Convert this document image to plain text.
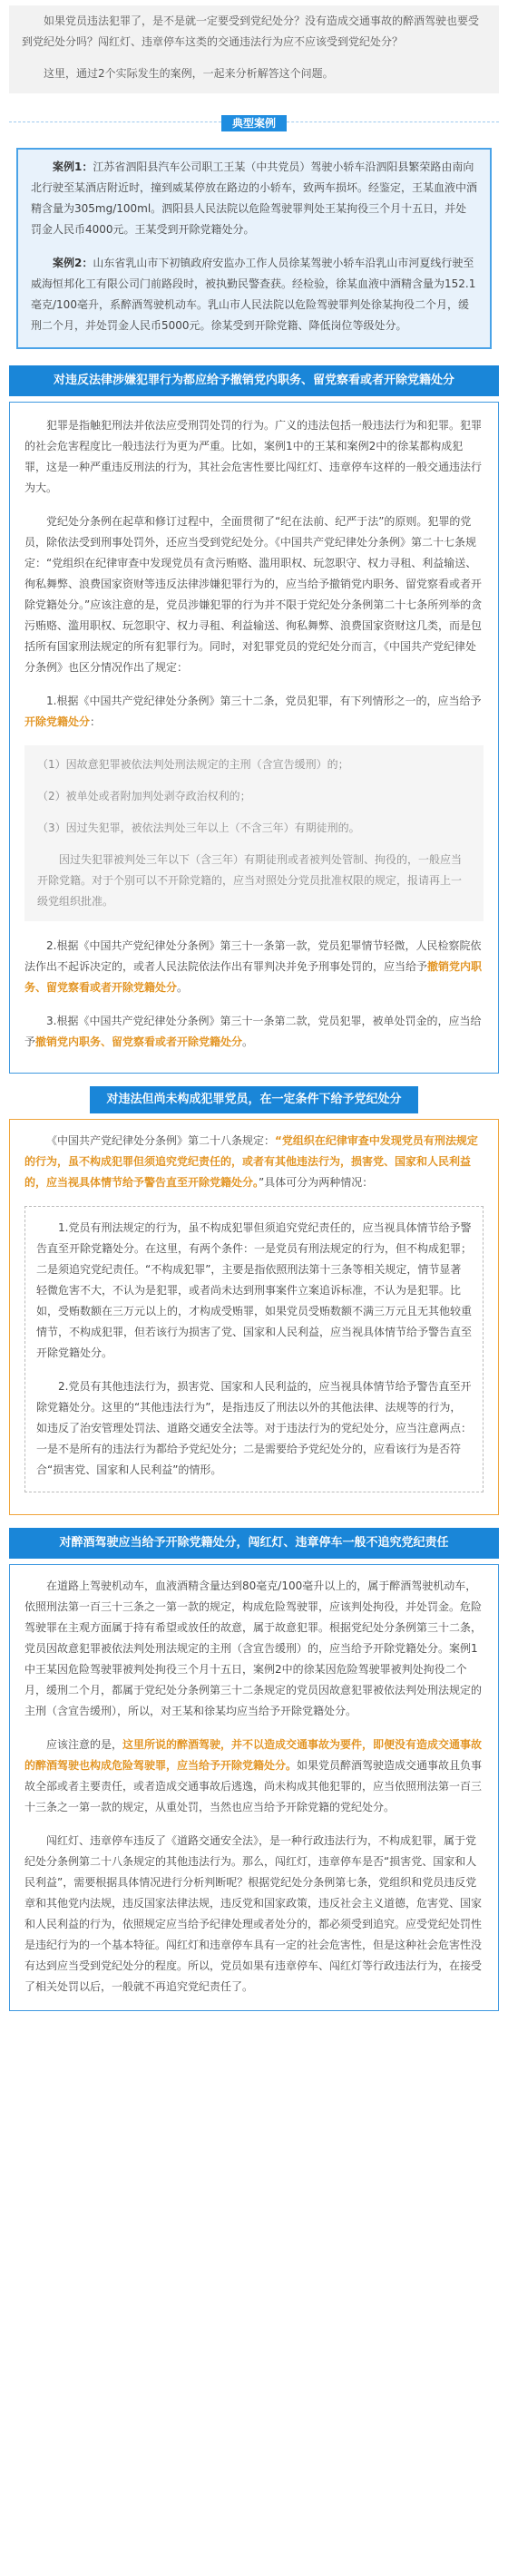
如果党员违法犯罪了，是不是就一定要受到党纪处分？没有造成交通事故的醉酒驾驶也要受到党纪处分吗？闯红灯、违章停车这类的交通违法行为应不应该受到党纪处分？

这里，通过2个实际发生的案例，一起来分析解答这个问题。

典型案例

案例1：江苏省泗阳县汽车公司职工王某（中共党员）驾驶小轿车沿泗阳县繁荣路由南向北行驶至某酒店附近时，撞到威某停放在路边的小轿车，致两车损坏。经鉴定，王某血液中酒精含量为305mg/100ml。泗阳县人民法院以危险驾驶罪判处王某拘役三个月十五日，并处罚金人民币4000元。王某受到开除党籍处分。

案例2：山东省乳山市下初镇政府安监办工作人员徐某驾驶小轿车沿乳山市河夏线行驶至威海恒邦化工有限公司门前路段时，被执勤民警查获。经检验，徐某血液中酒精含量为152.1毫克/100毫升，系醉酒驾驶机动车。乳山市人民法院以危险驾驶罪判处徐某拘役二个月，缓刑二个月，并处罚金人民币5000元。徐某受到开除党籍、降低岗位等级处分。

对违反法律涉嫌犯罪行为都应给予撤销党内职务、留党察看或者开除党籍处分

犯罪是指触犯刑法并依法应受刑罚处罚的行为。广义的违法包括一般违法行为和犯罪。犯罪的社会危害程度比一般违法行为更为严重。比如，案例1中的王某和案例2中的徐某都构成犯罪，这是一种严重违反刑法的行为，其社会危害性要比闯红灯、违章停车这样的一般交通违法行为大。

党纪处分条例在起草和修订过程中，全面贯彻了“纪在法前、纪严于法”的原则。犯罪的党员，除依法受到刑事处罚外，还应当受到党纪处分。《中国共产党纪律处分条例》第二十七条规定：“党组织在纪律审查中发现党员有贪污贿赂、滥用职权、玩忽职守、权力寻租、利益输送、徇私舞弊、浪费国家资财等违反法律涉嫌犯罪行为的，应当给予撤销党内职务、留党察看或者开除党籍处分。”应该注意的是，党员涉嫌犯罪的行为并不限于党纪处分条例第二十七条所列举的贪污贿赂、滥用职权、玩忽职守、权力寻租、利益输送、徇私舞弊、浪费国家资财这几类，而是包括所有国家刑法规定的所有犯罪行为。同时，对犯罪党员的党纪处分而言，《中国共产党纪律处分条例》也区分情况作出了规定：

1.根据《中国共产党纪律处分条例》第三十二条，党员犯罪，有下列情形之一的，应当给予开除党籍处分：

（1）因故意犯罪被依法判处刑法规定的主刑（含宣告缓刑）的；

（2）被单处或者附加判处剥夺政治权利的；

（3）因过失犯罪，被依法判处三年以上（不含三年）有期徒刑的。

因过失犯罪被判处三年以下（含三年）有期徒刑或者被判处管制、拘役的，一般应当开除党籍。对于个别可以不开除党籍的，应当对照处分党员批准权限的规定，报请再上一级党组织批准。

2.根据《中国共产党纪律处分条例》第三十一条第一款，党员犯罪情节轻微，人民检察院依法作出不起诉决定的，或者人民法院依法作出有罪判决并免予刑事处罚的，应当给予撤销党内职务、留党察看或者开除党籍处分。

3.根据《中国共产党纪律处分条例》第三十一条第二款，党员犯罪，被单处罚金的，应当给予撤销党内职务、留党察看或者开除党籍处分。

对违法但尚未构成犯罪党员，在一定条件下给予党纪处分

《中国共产党纪律处分条例》第二十八条规定：“党组织在纪律审查中发现党员有刑法规定的行为，虽不构成犯罪但须追究党纪责任的，或者有其他违法行为，损害党、国家和人民利益的，应当视具体情节给予警告直至开除党籍处分。”具体可分为两种情况：

1.党员有刑法规定的行为，虽不构成犯罪但须追究党纪责任的，应当视具体情节给予警告直至开除党籍处分。在这里，有两个条件：一是党员有刑法规定的行为，但不构成犯罪；二是须追究党纪责任。“不构成犯罪”，主要是指依照刑法第十三条等相关规定，情节显著轻微危害不大，不认为是犯罪，或者尚未达到刑事案件立案追诉标准，不认为是犯罪。比如，受贿数额在三万元以上的，才构成受贿罪，如果党员受贿数额不满三万元且无其他较重情节，不构成犯罪，但若该行为损害了党、国家和人民利益，应当视具体情节给予警告直至开除党籍处分。

2.党员有其他违法行为，损害党、国家和人民利益的，应当视具体情节给予警告直至开除党籍处分。这里的“其他违法行为”，是指违反了刑法以外的其他法律、法规等的行为，如违反了治安管理处罚法、道路交通安全法等。对于违法行为的党纪处分，应当注意两点：一是不是所有的违法行为都给予党纪处分；二是需要给予党纪处分的，应看该行为是否符合“损害党、国家和人民利益”的情形。

对醉酒驾驶应当给予开除党籍处分，闯红灯、违章停车一般不追究党纪责任

在道路上驾驶机动车，血液酒精含量达到80毫克/100毫升以上的，属于醉酒驾驶机动车，依照刑法第一百三十三条之一第一款的规定，构成危险驾驶罪，应该判处拘役，并处罚金。危险驾驶罪在主观方面属于持有希望或放任的故意，属于故意犯罪。根据党纪处分条例第三十二条，党员因故意犯罪被依法判处刑法规定的主刑（含宣告缓刑）的，应当给予开除党籍处分。案例1中王某因危险驾驶罪被判处拘役三个月十五日，案例2中的徐某因危险驾驶罪被判处拘役二个月，缓刑二个月，都属于党纪处分条例第三十二条规定的党员因故意犯罪被依法判处刑法规定的主刑（含宣告缓刑），所以，对王某和徐某均应当给予开除党籍处分。

应该注意的是，这里所说的醉酒驾驶，并不以造成交通事故为要件，即便没有造成交通事故的醉酒驾驶也构成危险驾驶罪，应当给予开除党籍处分。如果党员醉酒驾驶造成交通事故且负事故全部或者主要责任，或者造成交通事故后逃逸，尚未构成其他犯罪的，应当依照刑法第一百三十三条之一第一款的规定，从重处罚，当然也应当给予开除党籍的党纪处分。

闯红灯、违章停车违反了《道路交通安全法》，是一种行政违法行为，不构成犯罪，属于党纪处分条例第二十八条规定的其他违法行为。那么，闯红灯，违章停车是否“损害党、国家和人民利益”，需要根据具体情况进行分析判断呢？根据党纪处分条例第七条，党组织和党员违反党章和其他党内法规，违反国家法律法规，违反党和国家政策，违反社会主义道德，危害党、国家和人民利益的行为，依照规定应当给予纪律处理或者处分的，都必须受到追究。应受党纪处罚性是违纪行为的一个基本特征。闯红灯和违章停车具有一定的社会危害性，但是这种社会危害性没有达到应当受到党纪处分的程度。所以，党员如果有违章停车、闯红灯等行政违法行为，在接受了相关处罚以后，一般就不再追究党纪责任了。
